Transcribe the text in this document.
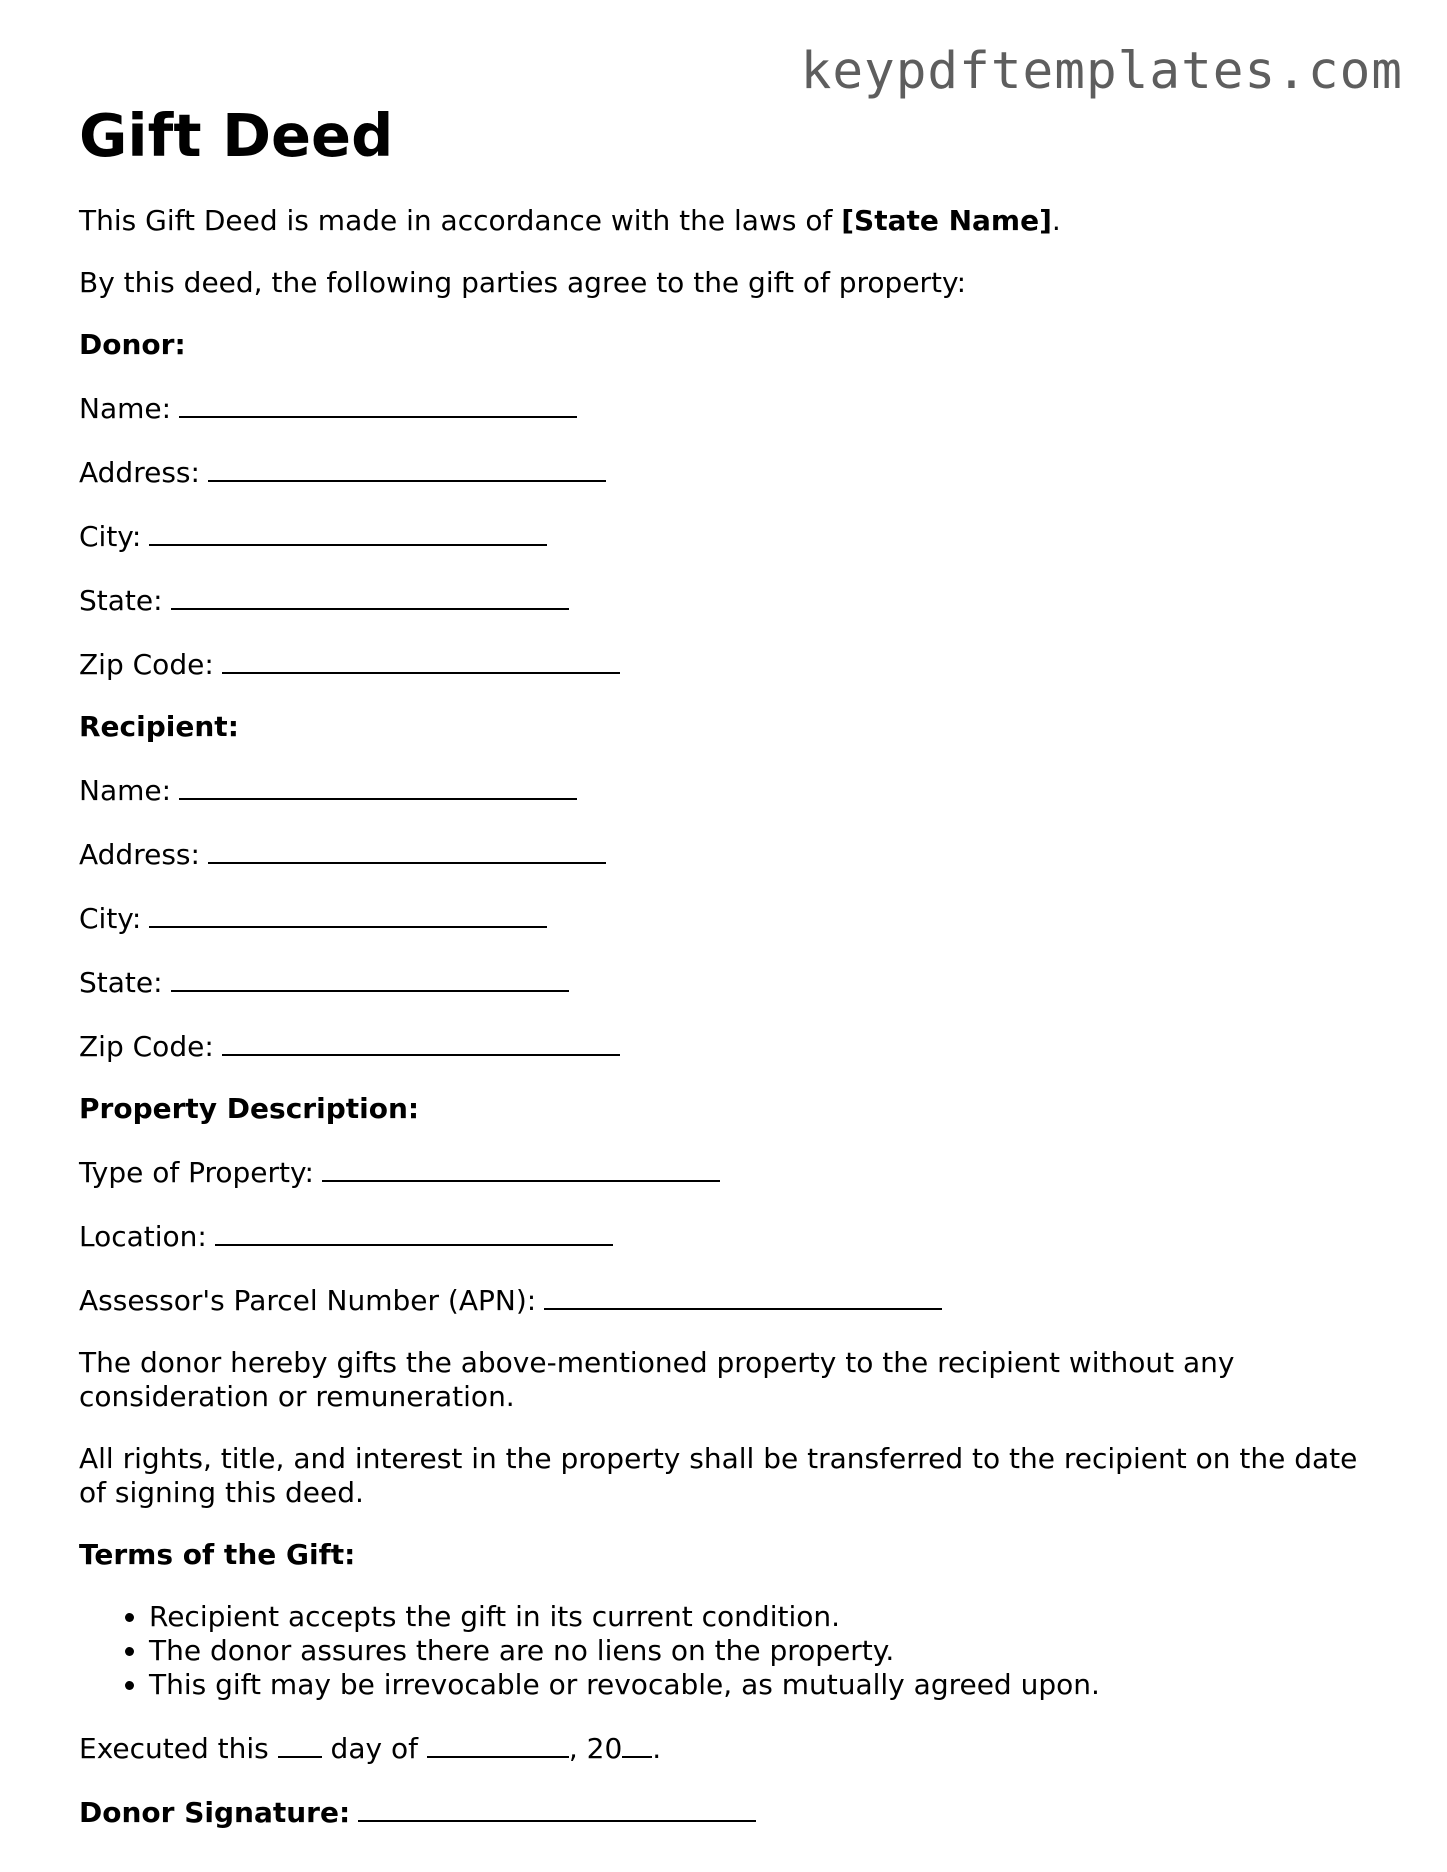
keypdftemplates.com
Gift Deed

This Gift Deed is made in accordance with the laws of [State Name].

By this deed, the following parties agree to the gift of property:

Donor:

Name:

Address:

City:

State:

Zip Code:

Recipient:

Name:

Address:

City:

State:

Zip Code:

Property Description:

Type of Property:

Location:

Assessor's Parcel Number (APN):

The donor hereby gifts the above-mentioned property to the recipient without any consideration or remuneration.

All rights, title, and interest in the property shall be transferred to the recipient on the date of signing this deed.

Terms of the Gift:

• Recipient accepts the gift in its current condition.
• The donor assures there are no liens on the property.
• This gift may be irrevocable or revocable, as mutually agreed upon.

Executed this  day of	, 20 .

Donor Signature:
